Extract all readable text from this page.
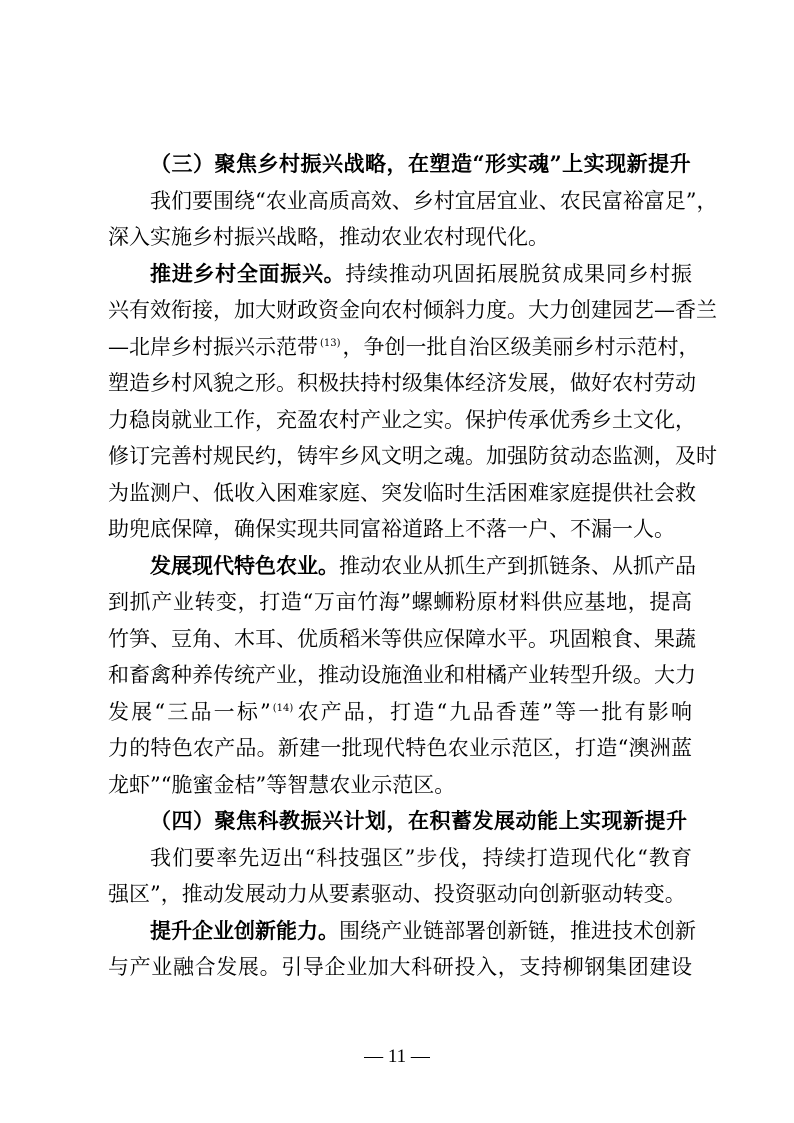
（三）聚焦乡村振兴战略，在塑造“形实魂”上实现新提升
我们要围绕“农业高质高效、乡村宜居宜业、农民富裕富足”，
深入实施乡村振兴战略，推动农业农村现代化。
推进乡村全面振兴。持续推动巩固拓展脱贫成果同乡村振
兴有效衔接，加大财政资金向农村倾斜力度。大力创建园艺—香兰
—北岸乡村振兴示范带 $^{(13)}$，争创一批自治区级美丽乡村示范村，
塑造乡村风貌之形。积极扶持村级集体经济发展，做好农村劳动
力稳岗就业工作，充盈农村产业之实。保护传承优秀乡土文化，
修订完善村规民约，铸牢乡风文明之魂。加强防贫动态监测，及时
为监测户、低收入困难家庭、突发临时生活困难家庭提供社会救
助兜底保障，确保实现共同富裕道路上不落一户、不漏一人。
发展现代特色农业。推动农业从抓生产到抓链条、从抓产品
到抓产业转变，打造“万亩竹海”螺蛳粉原材料供应基地，提高
竹笋、豆角、木耳、优质稻米等供应保障水平。巩固粮食、果蔬
和畜禽种养传统产业，推动设施渔业和柑橘产业转型升级。大力
发展“三品一标” $^{(14)}$农产品，打造“九品香莲”等一批有影响
力的特色农产品。新建一批现代特色农业示范区，打造“澳洲蓝
龙虾”“脆蜜金桔”等智慧农业示范区。
（四）聚焦科教振兴计划，在积蓄发展动能上实现新提升
我们要率先迈出“科技强区”步伐，持续打造现代化“教育
强区”，推动发展动力从要素驱动、投资驱动向创新驱动转变。
提升企业创新能力。围绕产业链部署创新链，推进技术创新
与产业融合发展。引导企业加大科研投入，支持柳钢集团建设
— 11 —
